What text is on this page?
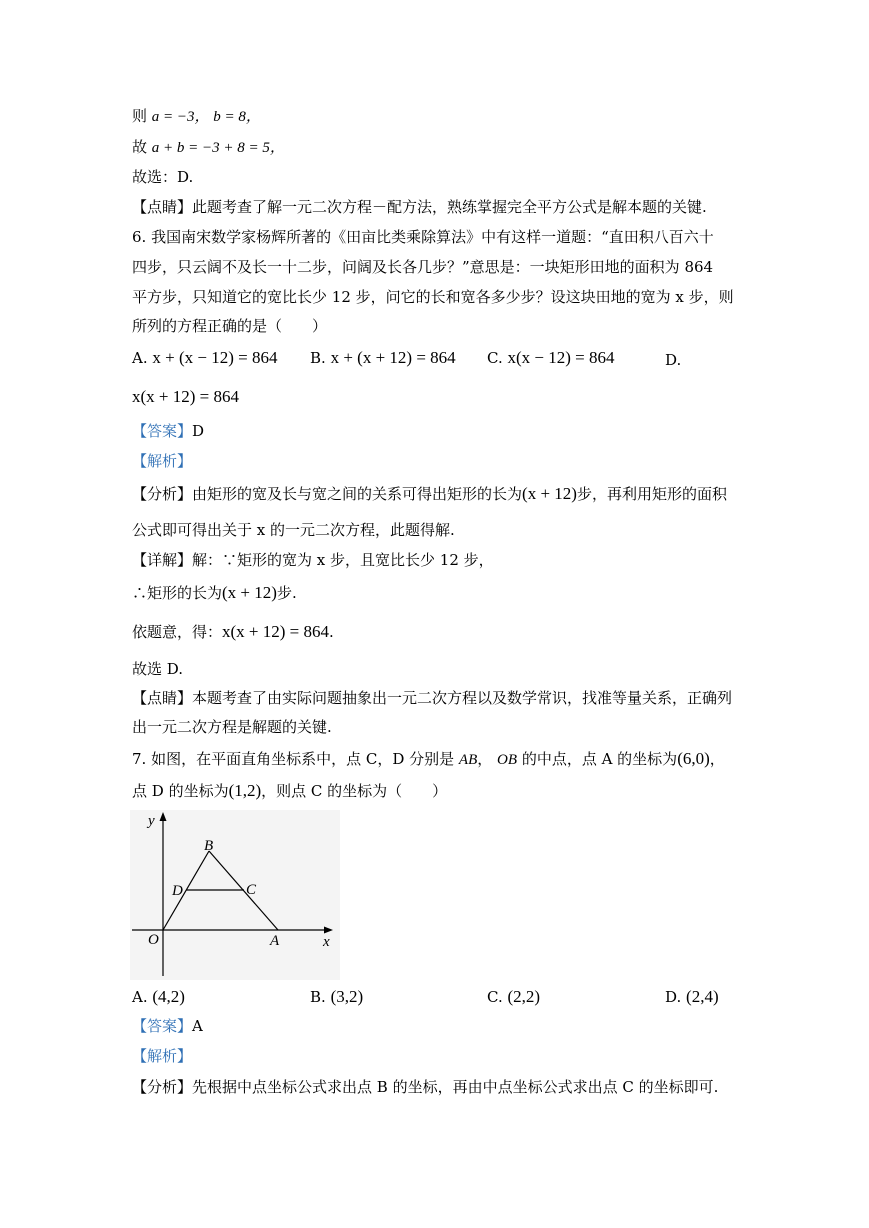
则 a = −3， b = 8，
故 a + b = −3 + 8 = 5，
故选：D.
【点睛】此题考查了解一元二次方程－配方法，熟练掌握完全平方公式是解本题的关键.
6. 我国南宋数学家杨辉所著的《田亩比类乘除算法》中有这样一道题：“直田积八百六十
四步，只云阔不及长一十二步，问阔及长各几步？”意思是：一块矩形田地的面积为 864
平方步，只知道它的宽比长少 12 步，问它的长和宽各多少步？设这块田地的宽为 x 步，则
所列的方程正确的是（　　）
A. x + (x − 12) = 864 B. x + (x + 12) = 864 C. x(x − 12) = 864	D.
x(x + 12) = 864
【答案】D
【解析】
【分析】由矩形的宽及长与宽之间的关系可得出矩形的长为(x + 12)步，再利用矩形的面积
公式即可得出关于 x 的一元二次方程，此题得解.
【详解】解：∵矩形的宽为 x 步，且宽比长少 12 步，
∴矩形的长为(x + 12)步.
依题意，得：x(x + 12) = 864.
故选 D.
【点睛】本题考查了由实际问题抽象出一元二次方程以及数学常识，找准等量关系，正确列
出一元二次方程是解题的关键.
7. 如图，在平面直角坐标系中，点 C，D 分别是 AB， OB 的中点，点 A 的坐标为(6,0)，
点 D 的坐标为(1,2)，则点 C 的坐标为（　　）
y
x
O	A
B
C
D
A. (4,2)	B. (3,2)	C. (2,2)	D. (2,4)
【答案】A
【解析】
【分析】先根据中点坐标公式求出点 B 的坐标，再由中点坐标公式求出点 C 的坐标即可.
